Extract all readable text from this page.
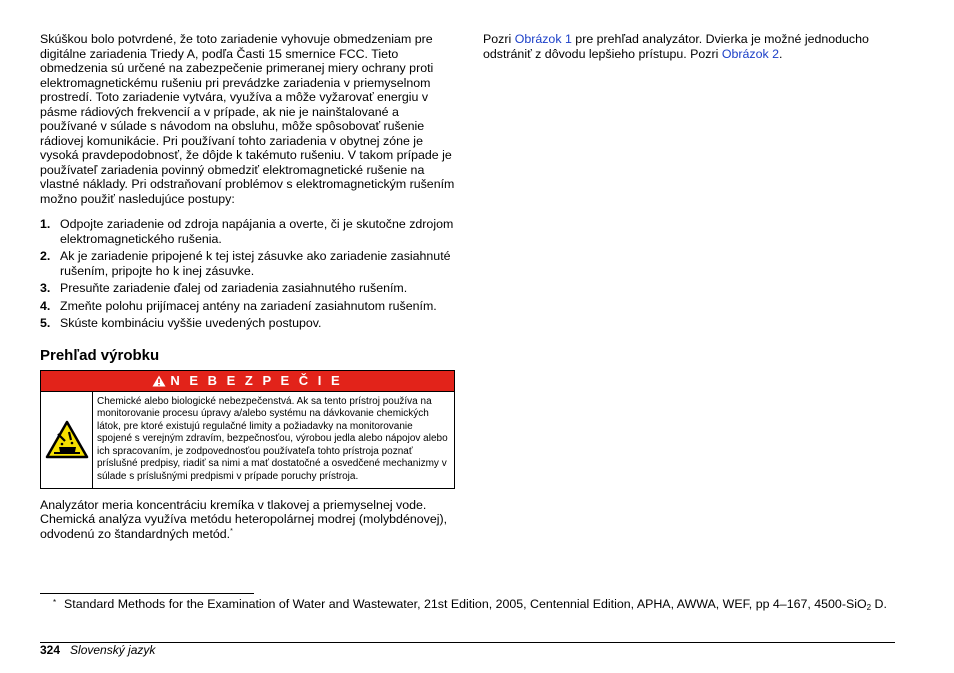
Skúškou bolo potvrdené, že toto zariadenie vyhovuje obmedzeniam pre digitálne zariadenia Triedy A, podľa Časti 15 smernice FCC. Tieto obmedzenia sú určené na zabezpečenie primeranej miery ochrany proti elektromagnetickému rušeniu pri prevádzke zariadenia v priemyselnom prostredí. Toto zariadenie vytvára, využíva a môže vyžarovať energiu v pásme rádiových frekvencií a v prípade, ak nie je nainštalované a používané v súlade s návodom na obsluhu, môže spôsobovať rušenie rádiovej komunikácie. Pri používaní tohto zariadenia v obytnej zóne je vysoká pravdepodobnosť, že dôjde k takémuto rušeniu. V takom prípade je používateľ zariadenia povinný obmedziť elektromagnetické rušenie na vlastné náklady. Pri odstraňovaní problémov s elektromagnetickým rušením možno použiť nasledujúce postupy:

1. Odpojte zariadenie od zdroja napájania a overte, či je skutočne zdrojom elektromagnetického rušenia.
2. Ak je zariadenie pripojené k tej istej zásuvke ako zariadenie zasiahnuté rušením, pripojte ho k inej zásuvke.
3. Presuňte zariadenie ďalej od zariadenia zasiahnutého rušením.
4. Zmeňte polohu prijímacej antény na zariadení zasiahnutom rušením.
5. Skúste kombináciu vyššie uvedených postupov.
Prehľad výrobku
N E B E Z P E Č I E
Chemické alebo biologické nebezpečenstvá. Ak sa tento prístroj používa na monitorovanie procesu úpravy a/alebo systému na dávkovanie chemických látok, pre ktoré existujú regulačné limity a požiadavky na monitorovanie spojené s verejným zdravím, bezpečnosťou, výrobou jedla alebo nápojov alebo ich spracovaním, je zodpovednosťou používateľa tohto prístroja poznať príslušné predpisy, riadiť sa nimi a mať dostatočné a osvedčené mechanizmy v súlade s príslušnými predpismi v prípade poruchy prístroja.

Analyzátor meria koncentráciu kremíka v tlakovej a priemyselnej vode. Chemická analýza využíva metódu heteropolárnej modrej (molybdénovej), odvodenú zo štandardných metód.*

Pozri Obrázok 1 pre prehľad analyzátor. Dvierka je možné jednoducho odstrániť z dôvodu lepšieho prístupu. Pozri Obrázok 2.

* Standard Methods for the Examination of Water and Wastewater, 21st Edition, 2005, Centennial Edition, APHA, AWWA, WEF, pp 4–167, 4500-SiO$_2$ D.
324 Slovenský jazyk
